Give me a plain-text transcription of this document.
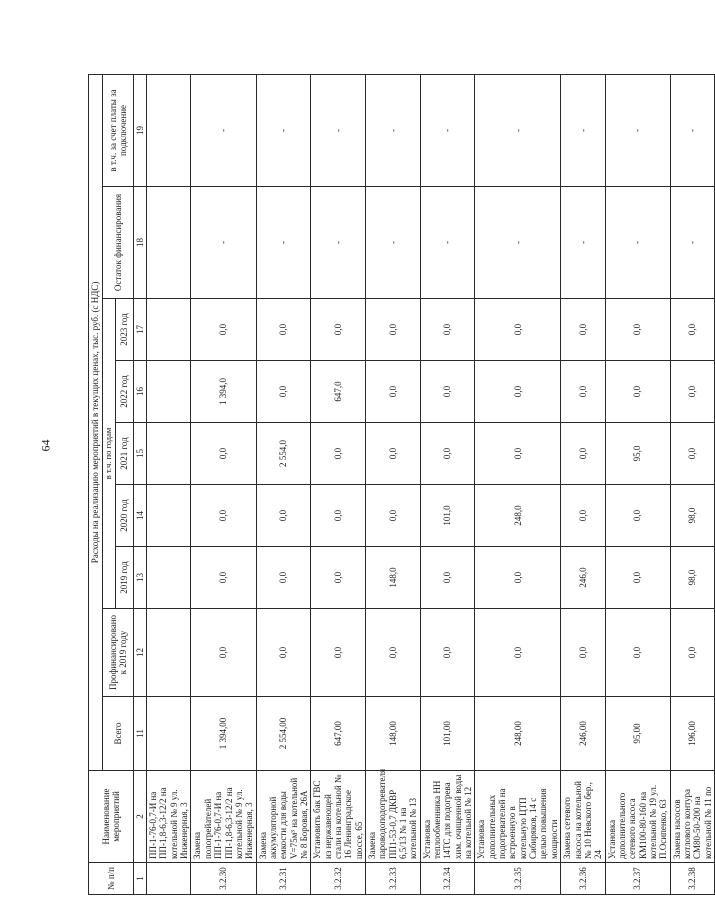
64
№ п/п	Наименование мероприятий	Расходы на реализацию мероприятий в текущих ценах, тыс. руб. (с НДС)								
		Всего	Профинансировано к 2019 году	в т.ч. по годам					Остаток финансирования	в т.ч. за счет платы за подключение
				2019 год	2020 год	2021 год	2022 год	2023 год		
1	2	11	12	13	14	15	16	17	18	19
	ПП-1-76-0,7-И на ПП-1,8-6,3-12/2 на котельной № 9 ул. Инженерная, 3									
3.2.30	Замена пологрейателей ПП-1-76-0,7-И на ПП-1,8-6,3-12/2 на котельной № 9 ул. Инженерная, 3	1 394,00	0,0	0,0	0,0	0,0	1 394,0	0,0	-	-
3.2.31	Замена аккумуляторной емкости для воды V=75м³ на котельной № 8 Боровая, 26А	2 554,00	0,0	0,0	0,0	2 554,0	0,0	0,0	-	-
3.2.32	Установить бак ГВС из нержавеющей стали на котельной № 16 Ленинградское шоссе, 65	647,00	0,0	0,0	0,0	0,0	647,0	0,0	-	-
3.2.33	Замена пароводоподогревателя ПП1-53-0,7 ДКВР 6,5/13 № 1 на котельной № 13	148,00	0,0	148,0	0,0	0,0	0,0	0,0	-	-
3.2.34	Установка теплообменника НН 14ТС для подогрева хим. очищенной воды на котельной № 12	101,00	0,0	0,0	101,0	0,0	0,0	0,0	-	-
3.2.35	Установка дополнительных подогревателей на встроенную в котельную ЦТП Сибиряков, 14 с целью повышения мощности	248,00	0,0	0,0	248,0	0,0	0,0	0,0	-	-
3.2.36	Замена сетевого насоса на котельной № 10 Невского бер., 24	246,00	0,0	246,0	0,0	0,0	0,0	0,0	-	-
3.2.37	Установка дополнительного сетевого насоса КМ100-80-160 на котельной № 19 ул. П.Осипенко, 63	95,00	0,0	0,0	0,0	95,0	0,0	0,0	-	-
3.2.38	Замена насосов котлового контура СМ80-50-200 на котельной № 11 по	196,00	0,0	98,0	98,0	0,0	0,0	0,0	-	-
